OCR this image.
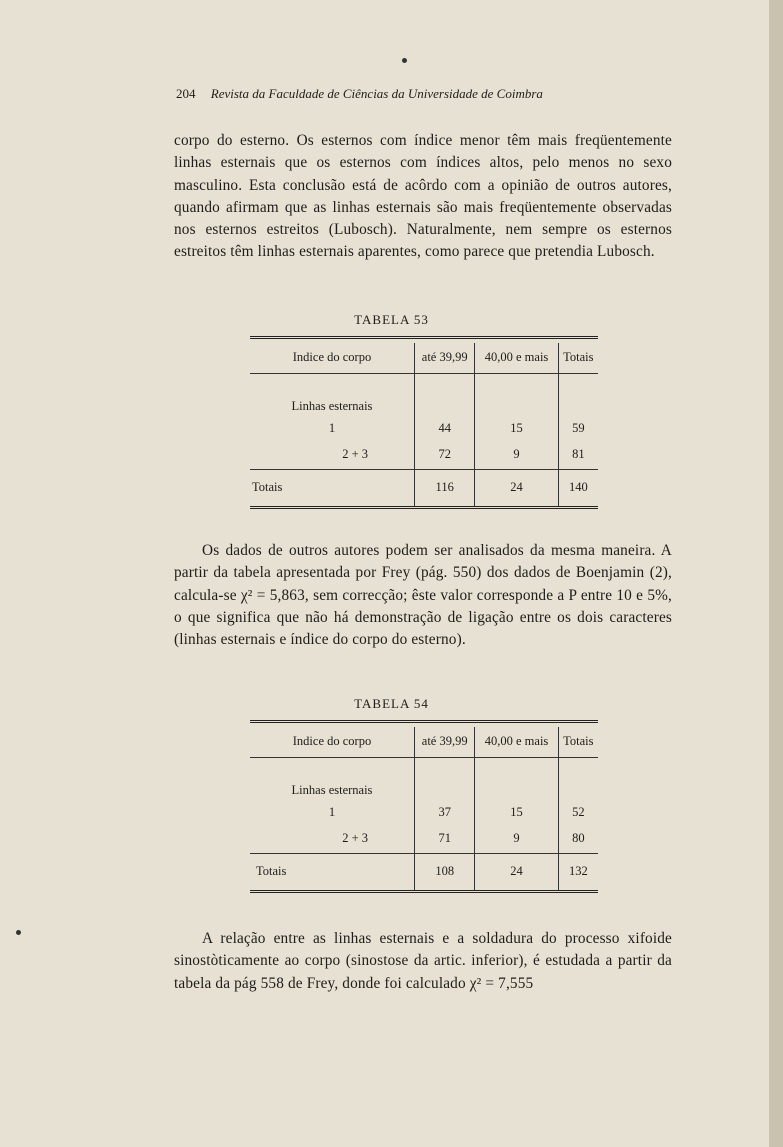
204 Revista da Faculdade de Ciências da Universidade de Coimbra

corpo do esterno. Os esternos com índice menor têm mais freqüentemente linhas esternais que os esternos com índices altos, pelo menos no sexo masculino. Esta conclusão está de acôrdo com a opinião de outros autores, quando afirmam que as linhas esternais são mais freqüentemente observadas nos esternos estreitos (Lubosch). Naturalmente, nem sempre os esternos estreitos têm linhas esternais aparentes, como parece que pretendia Lubosch.

TABELA 53
Indice do corpo	até 39,99	40,00 e mais	Totais

Linhas esternais			
1	44	15	59
2 + 3	72	9	81
Totais	116	24	140

Os dados de outros autores podem ser analisados da mesma maneira. A partir da tabela apresentada por Frey (pág. 550) dos dados de Boenjamin (2), calcula-se χ² = 5,863, sem correcção; êste valor corresponde a P entre 10 e 5%, o que significa que não há demonstração de ligação entre os dois caracteres (linhas esternais e índice do corpo do esterno).

TABELA 54
Indice do corpo	até 39,99	40,00 e mais	Totais

Linhas esternais			
1	37	15	52
2 + 3	71	9	80
Totais	108	24	132

A relação entre as linhas esternais e a soldadura do processo xifoide sinostòticamente ao corpo (sinostose da artic. inferior), é estudada a partir da tabela da pág 558 de Frey, donde foi calculado χ² = 7,555
